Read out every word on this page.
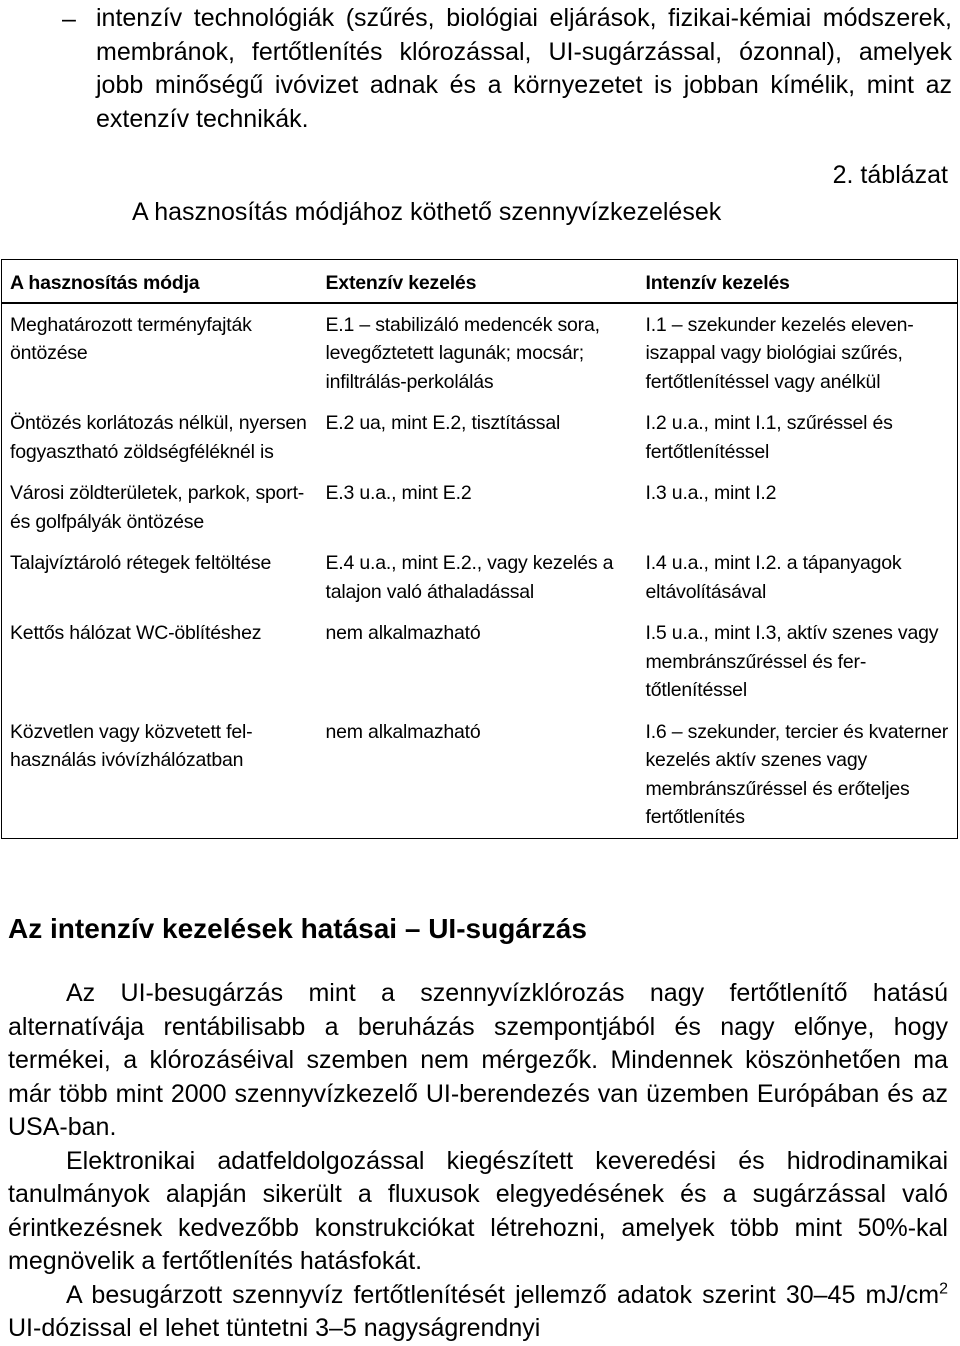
– intenzív technológiák (szűrés, biológiai eljárások, fizikai-kémiai módszerek, membránok, fertőtlenítés klórozással, UI-sugárzással, ózonnal), amelyek jobb minőségű ivóvizet adnak és a környezetet is jobban kímélik, mint az extenzív technikák.
2. táblázat
A hasznosítás módjához köthető szennyvízkezelések
A hasznosítás módja	Extenzív kezelés	Intenzív kezelés
Meghatározott terményfajták öntözése	E.1 – stabilizáló medencék sora, levegőztetett lagunák; mocsár; infiltrálás-perkolálás	I.1 – szekunder kezelés eleveniszappal vagy biológiai szűrés, fertőtlenítéssel vagy anélkül
Öntözés korlátozás nélkül, nyersen fogyasztható zöldségféléknél is	E.2 ua, mint E.2, tisztítással	I.2 u.a., mint I.1, szűréssel és fertőtlenítéssel
Városi zöldterületek, parkok, sport- és golfpályák öntözése	E.3 u.a., mint E.2	I.3 u.a., mint I.2
Talajvíztároló rétegek feltöltése	E.4 u.a., mint E.2., vagy kezelés a talajon való áthaladással	I.4 u.a., mint I.2. a tápanyagok eltávolításával
Kettős hálózat WC-öblítéshez	nem alkalmazható	I.5 u.a., mint I.3, aktív szenes vagy membránszűréssel és fertőtlenítéssel
Közvetlen vagy közvetett felhasználás ivóvízhálózatban	nem alkalmazható	I.6 – szekunder, tercier és kvaterner kezelés aktív szenes vagy membránszűréssel és erőteljes fertőtlenítés
Az intenzív kezelések hatásai – UI-sugárzás

Az UI-besugárzás mint a szennyvízklórozás nagy fertőtlenítő hatású alternatívája rentábilisabb a beruházás szempontjából és nagy előnye, hogy termékei, a klórozáséival szemben nem mérgezők. Mindennek köszönhetően ma már több mint 2000 szennyvízkezelő UI-berendezés van üzemben Európában és az USA-ban.

Elektronikai adatfeldolgozással kiegészített keveredési és hidrodinamikai tanulmányok alapján sikerült a fluxusok elegyedésének és a sugárzással való érintkezésnek kedvezőbb konstrukciókat létrehozni, amelyek több mint 50%-kal megnövelik a fertőtlenítés hatásfokát.

A besugárzott szennyvíz fertőtlenítését jellemző adatok szerint 30–45 $mJ/cm^2$ UI-dózissal el lehet tüntetni 3–5 nagyságrendnyi
